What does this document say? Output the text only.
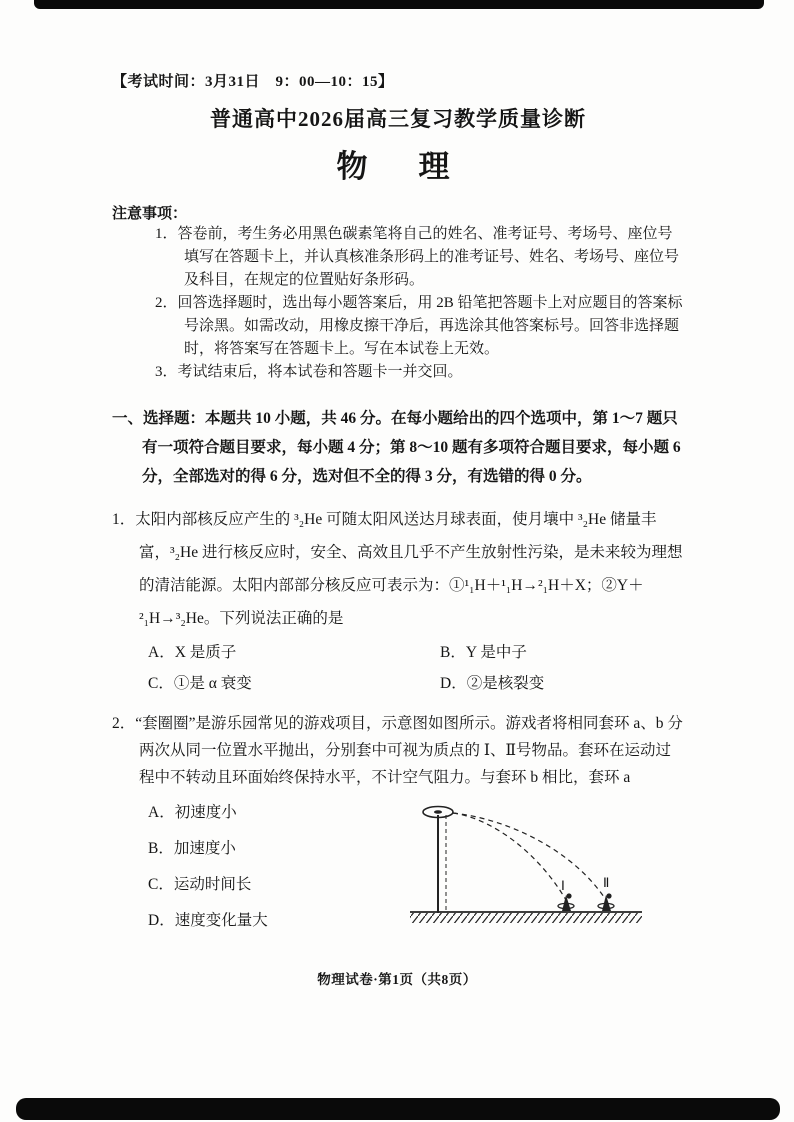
【考试时间：3月31日　9：00—10：15】
普通高中2026届高三复习教学质量诊断
物　理
注意事项：
1．答卷前，考生务必用黑色碳素笔将自己的姓名、准考证号、考场号、座位号填写在答题卡上，并认真核准条形码上的准考证号、姓名、考场号、座位号及科目，在规定的位置贴好条形码。
2．回答选择题时，选出每小题答案后，用 2B 铅笔把答题卡上对应题目的答案标号涂黑。如需改动，用橡皮擦干净后，再选涂其他答案标号。回答非选择题时，将答案写在答题卡上。写在本试卷上无效。
3．考试结束后，将本试卷和答题卡一并交回。
一、选择题：本题共 10 小题，共 46 分。在每小题给出的四个选项中，第 1～7 题只有一项符合题目要求，每小题 4 分；第 8～10 题有多项符合题目要求，每小题 6 分，全部选对的得 6 分，选对但不全的得 3 分，有选错的得 0 分。
1．太阳内部核反应产生的 ³₂He 可随太阳风送达月球表面，使月壤中 ³₂He 储量丰富，³₂He 进行核反应时，安全、高效且几乎不产生放射性污染，是未来较为理想的清洁能源。太阳内部部分核反应可表示为：①¹₁H＋¹₁H→²₁H＋X；②Y＋²₁H→³₂He。下列说法正确的是
A．X 是质子	B．Y 是中子
C．①是 α 衰变	D．②是核裂变
2．“套圈圈”是游乐园常见的游戏项目，示意图如图所示。游戏者将相同套环 a、b 分两次从同一位置水平抛出，分别套中可视为质点的 Ⅰ、Ⅱ号物品。套环在运动过程中不转动且环面始终保持水平，不计空气阻力。与套环 b 相比，套环 a
A．初速度小
B．加速度小
C．运动时间长
D．速度变化量大
Ⅰ	Ⅱ
物理试卷·第1页（共8页）
